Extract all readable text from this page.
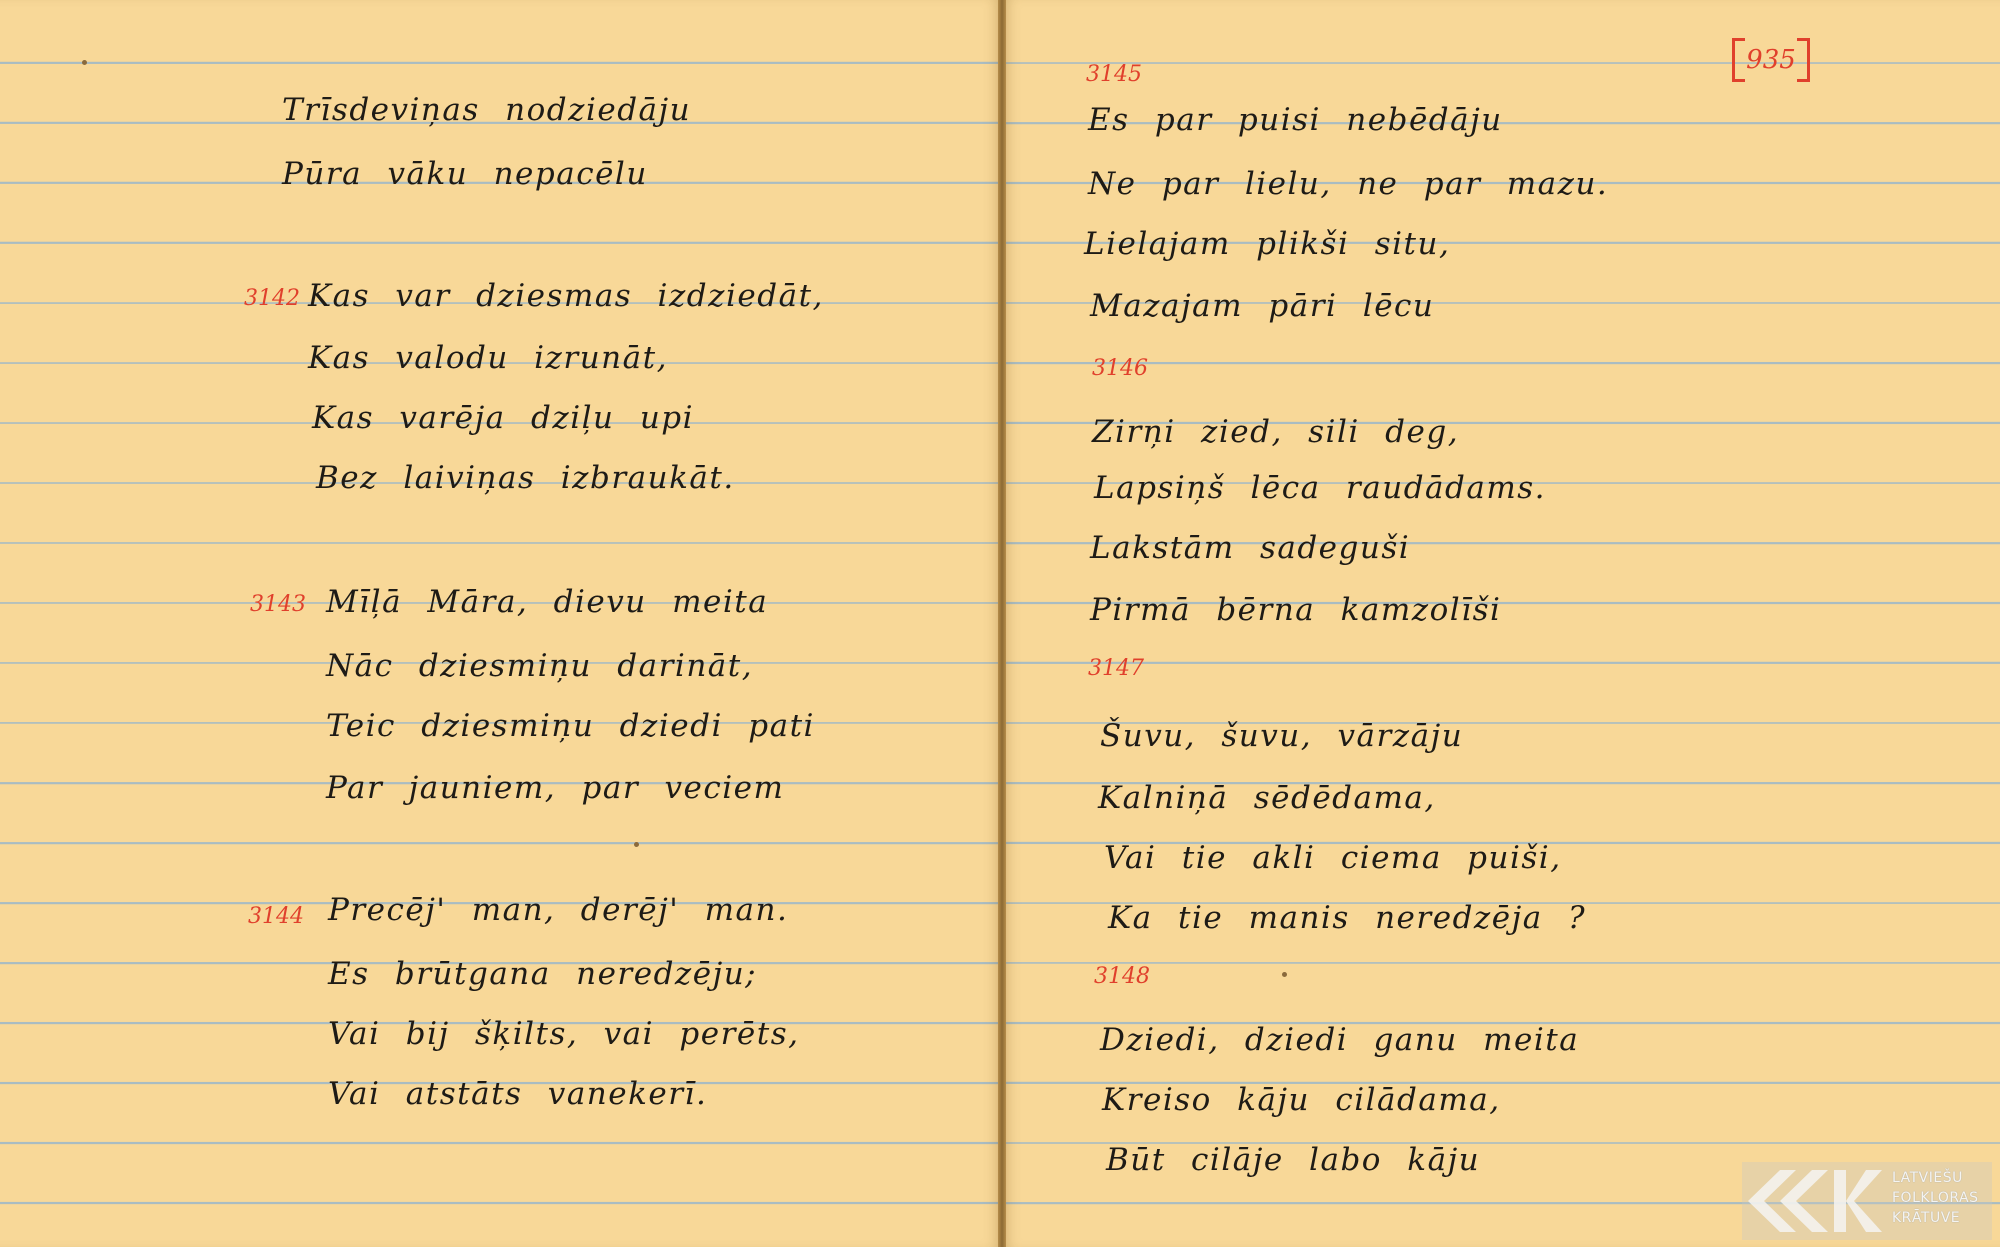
Trīsdeviņas nodziedāju
Pūra vāku nepacēlu
3142 Kas var dziesmas izdziedāt,
Kas valodu izrunāt,
Kas varēja dziļu upi
Bez laiviņas izbraukāt.
3143 Mīļā Māra, dievu meita
Nāc dziesmiņu darināt,
Teic dziesmiņu dziedi pati
Par jauniem, par veciem
3144 Precēj' man, derēj' man.
Es brūtgana neredzēju;
Vai bij šķilts, vai perēts,
Vai atstāts vanekerī.
935
3145
Es par puisi nebēdāju
Ne par lielu, ne par mazu.
Lielajam plikši situ,
Mazajam pāri lēcu
3146
Zirņi zied, sili deg,
Lapsiņš lēca raudādams.
Lakstām sadeguši
Pirmā bērna kamzolīši
3147
Šuvu, šuvu, vārzāju
Kalniņā sēdēdama,
Vai tie akli ciema puiši,
Ka tie manis neredzēja ?
3148
Dziedi, dziedi ganu meita
Kreiso kāju cilādama,
Būt cilāje labo kāju	LATVIEŠU
FOLKLORAS
KRĀTUVE
